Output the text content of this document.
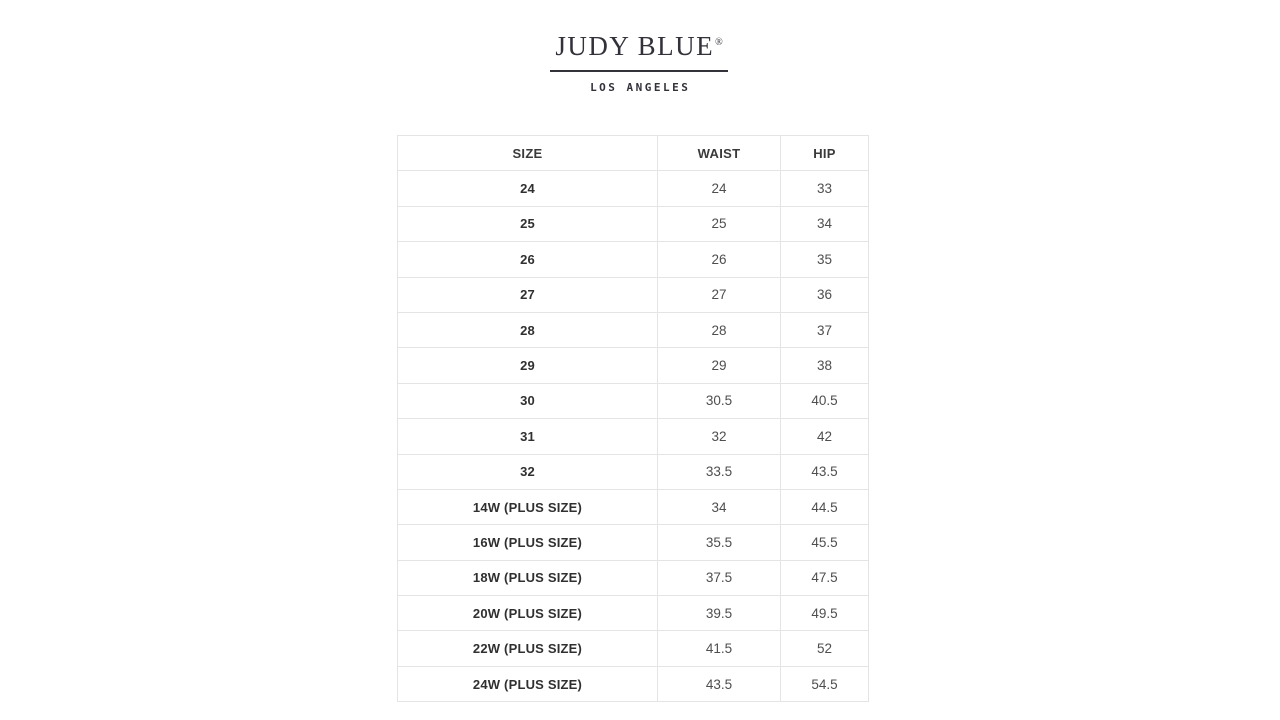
JUDY BLUE®
LOS ANGELES
SIZE	WAIST	HIP
24	24	33
25	25	34
26	26	35
27	27	36
28	28	37
29	29	38
30	30.5	40.5
31	32	42
32	33.5	43.5
14W (PLUS SIZE)	34	44.5
16W (PLUS SIZE)	35.5	45.5
18W (PLUS SIZE)	37.5	47.5
20W (PLUS SIZE)	39.5	49.5
22W (PLUS SIZE)	41.5	52
24W (PLUS SIZE)	43.5	54.5
